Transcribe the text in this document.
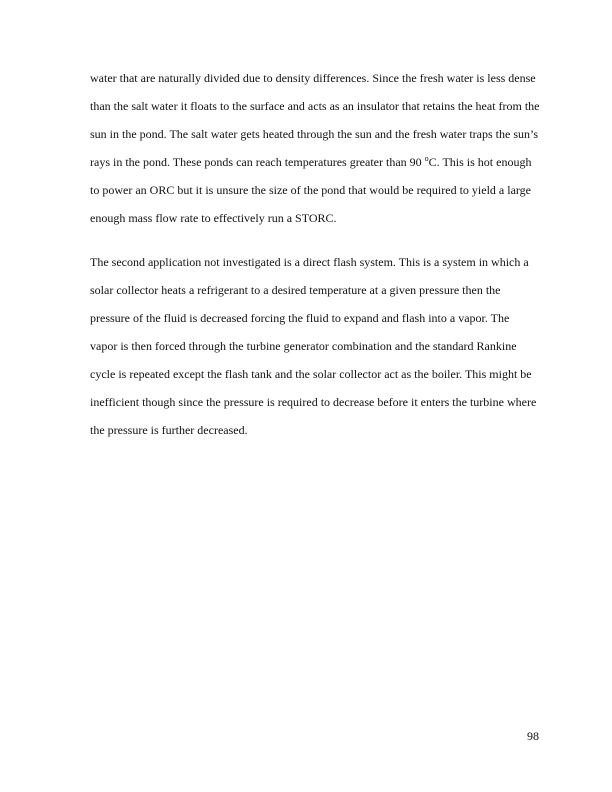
water that are naturally divided due to density differences. Since the fresh water is less dense
than the salt water it floats to the surface and acts as an insulator that retains the heat from the
sun in the pond. The salt water gets heated through the sun and the fresh water traps the sun’s
rays in the pond. These ponds can reach temperatures greater than 90 $^o$C. This is hot enough
to power an ORC but it is unsure the size of the pond that would be required to yield a large
enough mass flow rate to effectively run a STORC.
The second application not investigated is a direct flash system. This is a system in which a
solar collector heats a refrigerant to a desired temperature at a given pressure then the
pressure of the fluid is decreased forcing the fluid to expand and flash into a vapor. The
vapor is then forced through the turbine generator combination and the standard Rankine
cycle is repeated except the flash tank and the solar collector act as the boiler. This might be
inefficient though since the pressure is required to decrease before it enters the turbine where
the pressure is further decreased.
98
